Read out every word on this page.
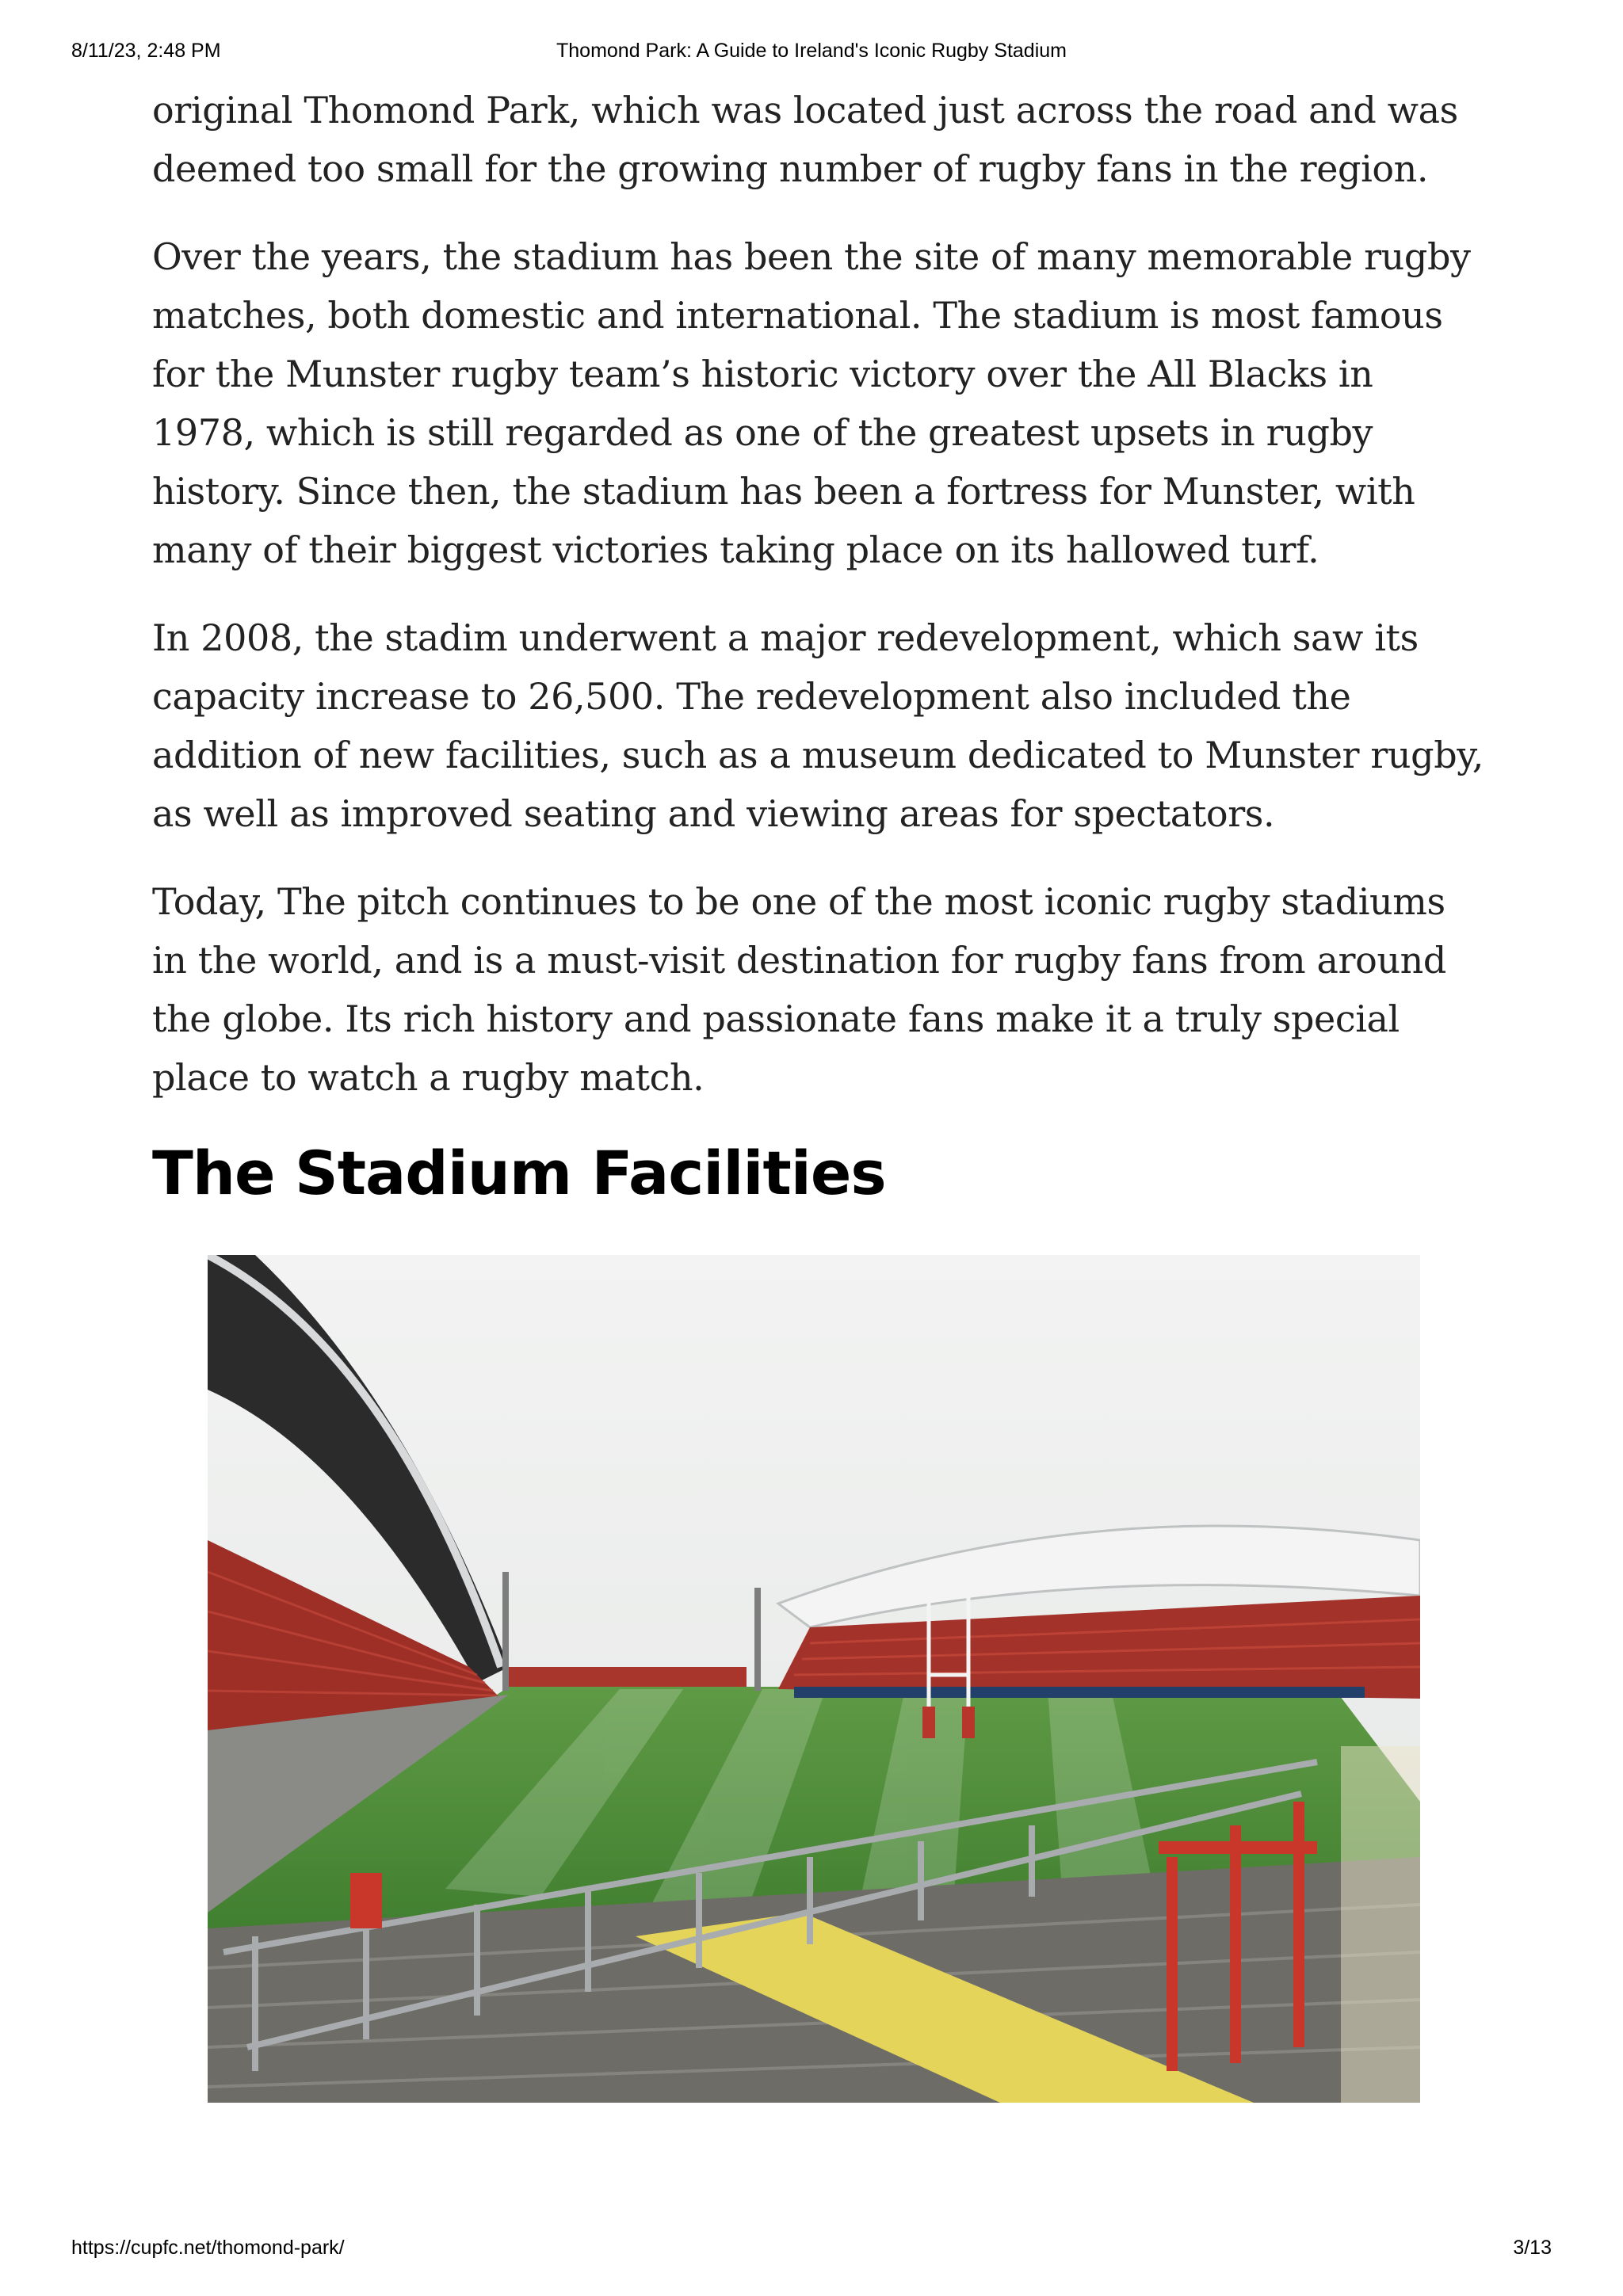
8/11/23, 2:48 PM	Thomond Park: A Guide to Ireland's Iconic Rugby Stadium

original Thomond Park, which was located just across the road and was deemed too small for the growing number of rugby fans in the region.

Over the years, the stadium has been the site of many memorable rugby matches, both domestic and international. The stadium is most famous for the Munster rugby team’s historic victory over the All Blacks in 1978, which is still regarded as one of the greatest upsets in rugby history. Since then, the stadium has been a fortress for Munster, with many of their biggest victories taking place on its hallowed turf.

In 2008, the stadim underwent a major redevelopment, which saw its capacity increase to 26,500. The redevelopment also included the addition of new facilities, such as a museum dedicated to Munster rugby, as well as improved seating and viewing areas for spectators.

Today, The pitch continues to be one of the most iconic rugby stadiums in the world, and is a must-visit destination for rugby fans from around the globe. Its rich history and passionate fans make it a truly special place to watch a rugby match.

The Stadium Facilities
https://cupfc.net/thomond-park/	3/13
